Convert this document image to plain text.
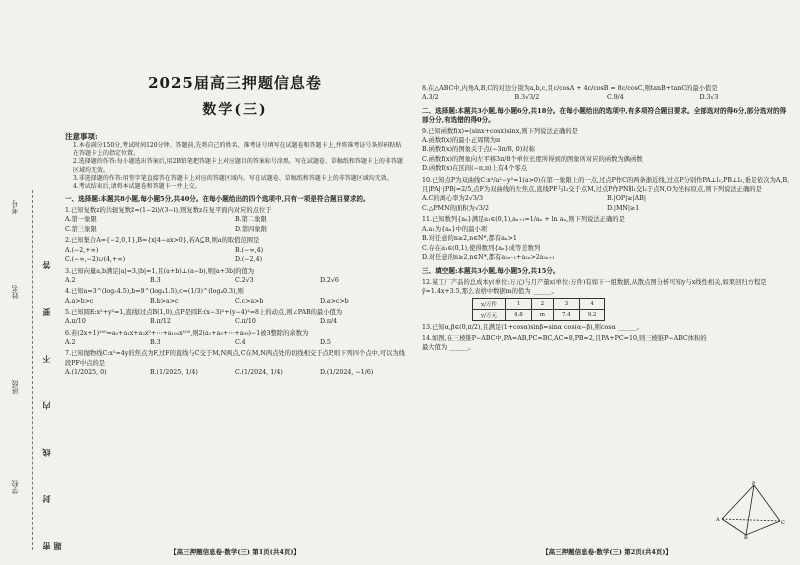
考号
姓名
班级
学校	密 封 线 内 不 要 答 题
2025届高三押题信息卷
数学(三)
注意事项:
1.本卷满分150分,考试时间120分钟。答题前,先将自己的姓名、准考证号填写在试题卷和答题卡上,并将准考证号条形码粘贴在答题卡上的指定位置。
2.选择题的作答:每小题选出答案后,用2B铅笔把答题卡上对应题目的答案标号涂黑。写在试题卷、草稿纸和答题卡上的非答题区域均无效。
3.非选择题的作答:用签字笔直接答在答题卡上对应的答题区域内。写在试题卷、草稿纸和答题卡上的非答题区域均无效。
4.考试结束后,请将本试题卷和答题卡一并上交。
一、选择题:本题共8小题,每小题5分,共40分。在每小题给出的四个选项中,只有一项是符合题目要求的。
1.已知复数z的共轭复数z̄=(1−2i)/(3−i),则复数z在复平面内对应的点位于
A.第一象限	B.第二象限
C.第三象限	D.第四象限
2.已知集合A={−2,0,1},B={x|4−ax>0},若A⊆B,则a的取值范围是
A.(−2,+∞)	B.(−∞,4)
C.(−∞,−2)∪(4,+∞)	D.(−2,4)
3.已知向量a,b满足|a|=3,|b|=1,且(a+b)⊥(a−b),则|a+3b|的值为
A.2	B.3	C.2√3	D.2√6
4.已知a=3^(log₂4.5),b=9^(log₄1.5),c=(1/3)^(log₄0.3),则
A.a>b>c	B.b>a>c	C.c>a>b	D.a>c>b
5.已知圆E:x²+y²=1,直线l过点B(1,0),点P是圆E:(x−3)²+(y−4)²=8上的动点,则∠PAB的最小值为
A.π/10	B.π/12	C.π/10	D.π/4
6.若(2x+1)¹⁰⁰=a₀+a₁x+a₂x²+⋯+a₁₀₀x¹⁰⁰,则2(a₁+a₃+⋯+a₉₉)−1被3整除的余数为
A.2	B.3	C.4	D.5
7.已知抛物线C:x²=4y的焦点为F,过F的直线与C交于M,N两点,C在M,N两点处的切线相交于点P,则下列四个点中,可以为线段PF中点的是
A.(1/2025, 0)	B.(1/2025, 1/4)	C.(1/2024, 1/4)	D.(1/2024, −1/6)
【高三押题信息卷·数学(三) 第1页(共4页)】
8.在△ABC中,内角A,B,C的对边分别为a,b,c,且c/cosA + 4c/cosB = 8c/cosC,则tanB+tanC的最小值是
A.3/2	B.3√3/2	C.9/4	D.3√3
二、选择题:本题共3小题,每小题6分,共18分。在每小题给出的选项中,有多项符合题目要求。全部选对的得6分,部分选对的得部分分,有选错的得0分。
9.已知函数f(x)=(sinx+cosx)sinx,则下列说法正确的是
A.函数f(x)的最小正周期为π
B.函数f(x)的图象关于点(−3π/8, 0)对称
C.函数f(x)的图象向左平移3π/8个单位长度所得到的图象所对应的函数为偶函数
D.函数f(x)在区间(−π,π)上有4个零点
10.已知点P为双曲线C:x²/a²−y²=1(a>0)在第一象限上的一点,过点P作C的两条渐近线,过点P分别作PA⊥l₁,PB⊥l₂,垂足依次为A,B,且|PA|·|PB|=2/5,点F为双曲线的左焦点,直线PF与l₂交于点M,过点P作PN∥l₁交l₂于点N,O为坐标原点,则下列说法正确的是
A.C的离心率为2√3/3	B.|OP|≥|AB|
C.△PMN的面积为√3/2	D.|MN|≥1
11.已知数列{aₙ}满足a₁∈(0,1),aₙ₊₁=1/aₙ + ln aₙ,则下列说法正确的是
A.a₁为{aₙ}中的最小项
B.对任意的n≥2,n∈N*,都有aₙ>1
C.存在a₁∈(0,1),使得数列{aₙ}成等差数列
D.对任意的n≥2,n∈N*,都有a₂ₙ₋₁+a₂ₙ>2a₂ₙ₊₁
三、填空题:本题共3小题,每小题5分,共15分。
12.某工厂产品的总成本y(单位:万元)与月产量x(单位:万件)有如下一组数据,从散点图分析可知y与x线性相关,如果回归方程是ŷ=1.4x+3.5,那么表格中数据m的值为 ______。
x/万件	1	2	3	4
y/万元	4.8	m	7.4	9.2
13.已知α,β∈(0,π/2),且满足(1+cosα)sinβ=sinα cos(α−β),则cosα ______。
14.如图,在三棱锥P−ABC中,PA=AB,PC=BC,AC=8,PB=2,且PA+PC=10,则三棱锥P−ABC体积的最大值为 ______。
P
A
B
C
【高三押题信息卷·数学(三) 第2页(共4页)】
